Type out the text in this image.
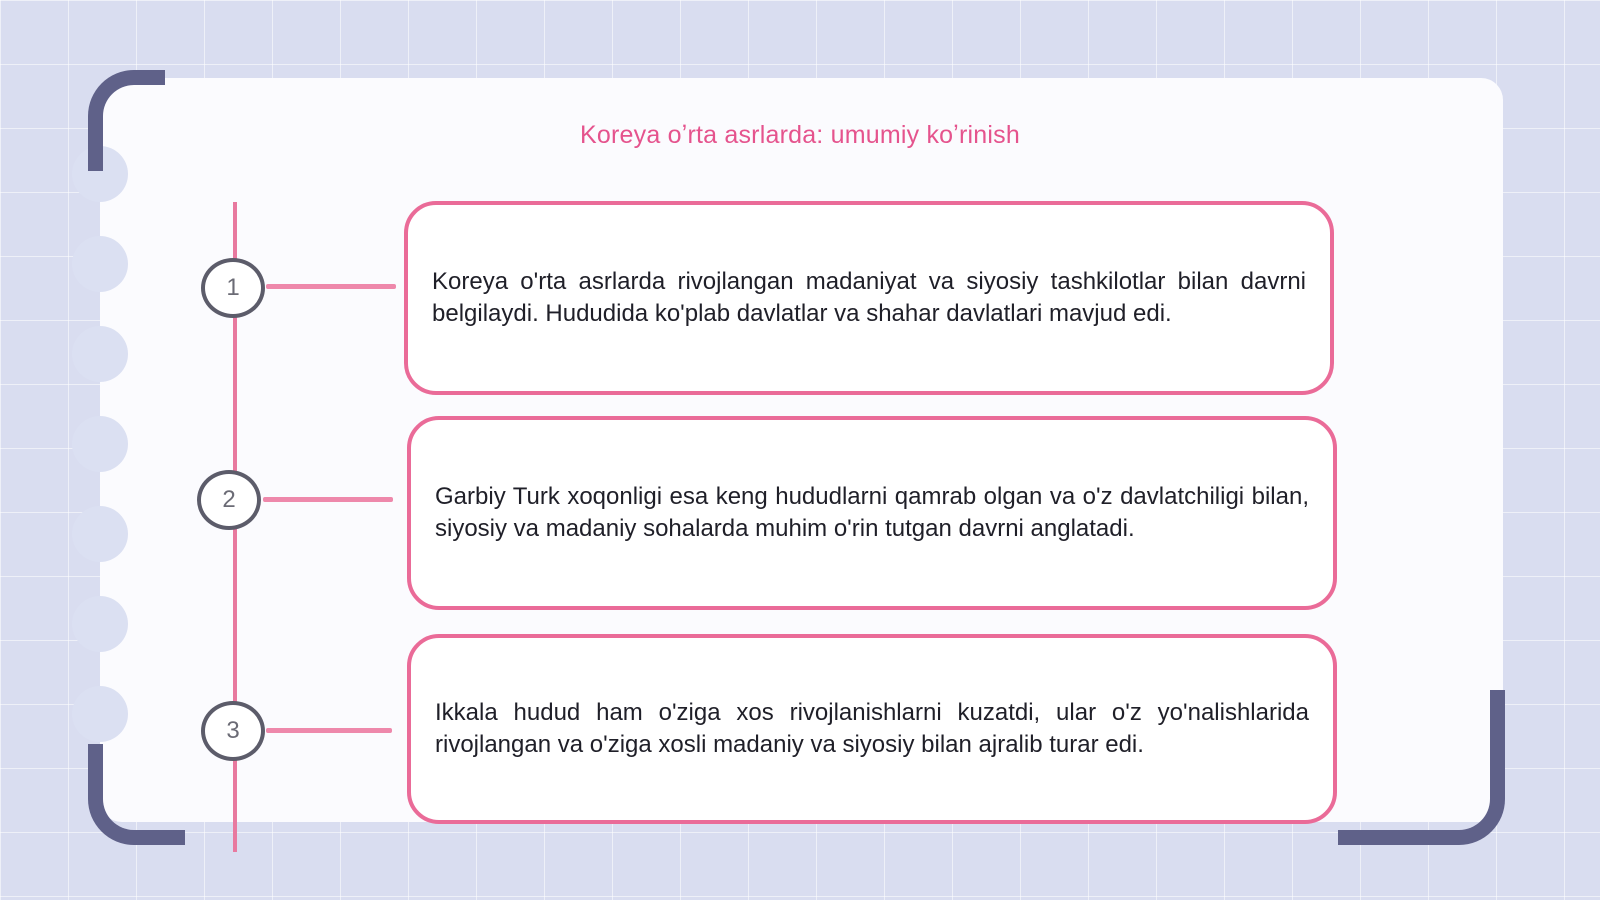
Koreya oʼrta asrlarda: umumiy koʼrinish
1	Koreya o'rta asrlarda rivojlangan madaniyat va siyosiy tashkilotlar bilan davrni belgilaydi. Hududida ko'plab davlatlar va shahar davlatlari mavjud edi.
2	Garbiy Turk xoqonligi esa keng hududlarni qamrab olgan va o'z davlatchiligi bilan, siyosiy va madaniy sohalarda muhim o'rin tutgan davrni anglatadi.
3
Ikkala hudud ham o'ziga xos rivojlanishlarni kuzatdi, ular o'z yo'nalishlarida rivojlangan va o'ziga xosli madaniy va siyosiy bilan ajralib turar edi.
